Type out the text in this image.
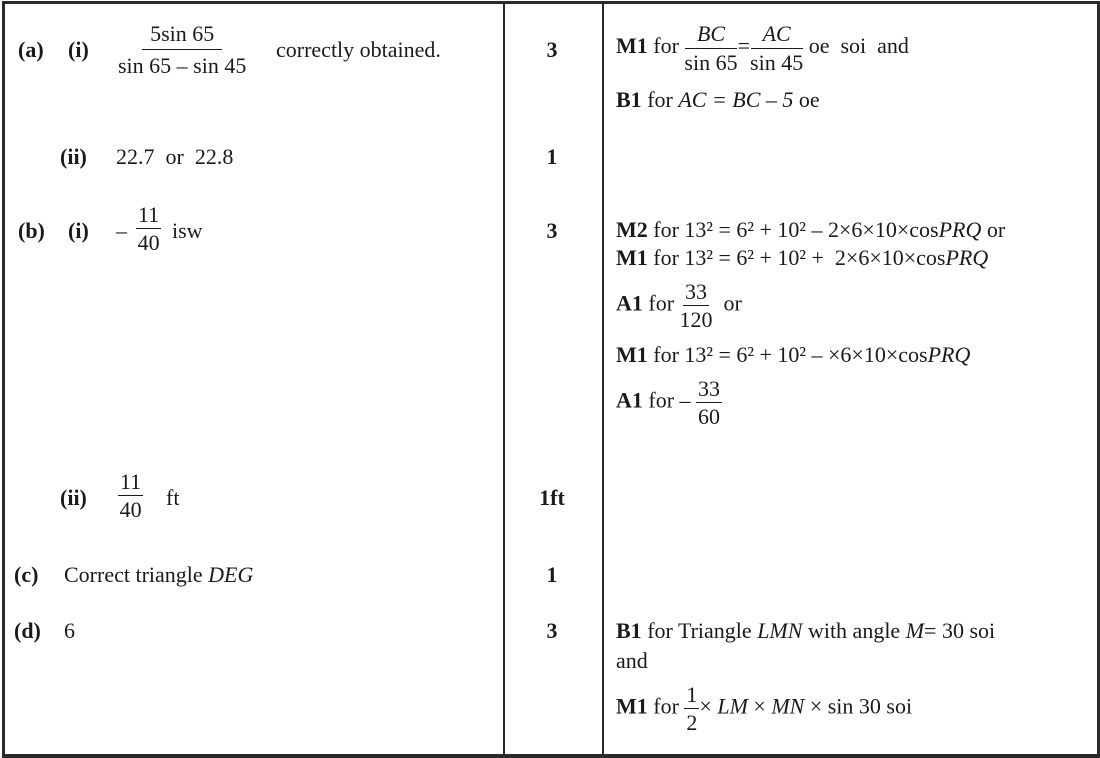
(a) $(i) \frac{5\sin 65}{\sin 65 - \sin 45}$ correctly obtained.	3	M1 for $\frac{BC}{\sin 65} = \frac{AC}{\sin 45}$ oe  soi  and
B1 for AC = BC – 5 oe
(ii) 22.7  or  22.8	1
(b) $(i) - \frac{11}{40}$ isw	3	M2 for 13² = 6² + 10² – 2×6×10×cosPRQ or
M1 for 13² = 6² + 10² +  2×6×10×cosPRQ
A1 for $\frac{33}{120}$ or
M1 for 13² = 6² + 10² – ×6×10×cosPRQ
A1 for – $\frac{33}{60}$
$(ii) \frac{11}{40}$ ft	1ft
(c) Correct triangle DEG	1
(d) 6	3	B1 for Triangle LMN with angle M= 30 soi
and
M1 for $\frac{1}{2}$ × LM × MN × sin 30 soi
